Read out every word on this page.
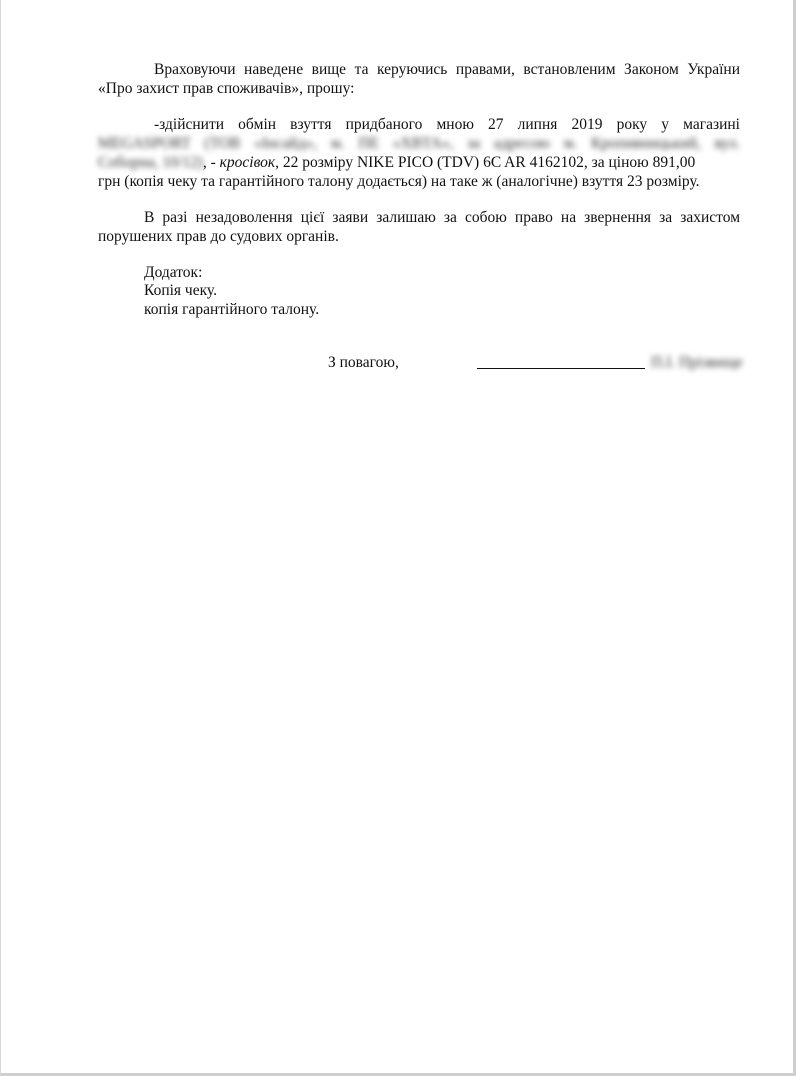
Враховуючи наведене вище та керуючись правами, встановленим Законом України
«Про захист прав споживачів», прошу:
-здійснити обмін взуття придбаного мною 27 липня 2019 року у магазині
MEGASPORT (ТОВ «Інсайд», м. ПЕ «ХВТА», за адресою м. Кропивницький, вул.
Соборна, 10/12), - кросівок, 22 розміру NIKE PICO (TDV) 6C AR 4162102, за ціною 891,00
грн (копія чеку та гарантійного талону додається) на таке ж (аналогічне) взуття 23 розміру.
В разі незадоволення цієї заяви залишаю за собою право на звернення за захистом
порушених прав до судових органів.
Додаток:
Копія чеку.
копія гарантійного талону.
З повагою,	П.І. Прізвище
